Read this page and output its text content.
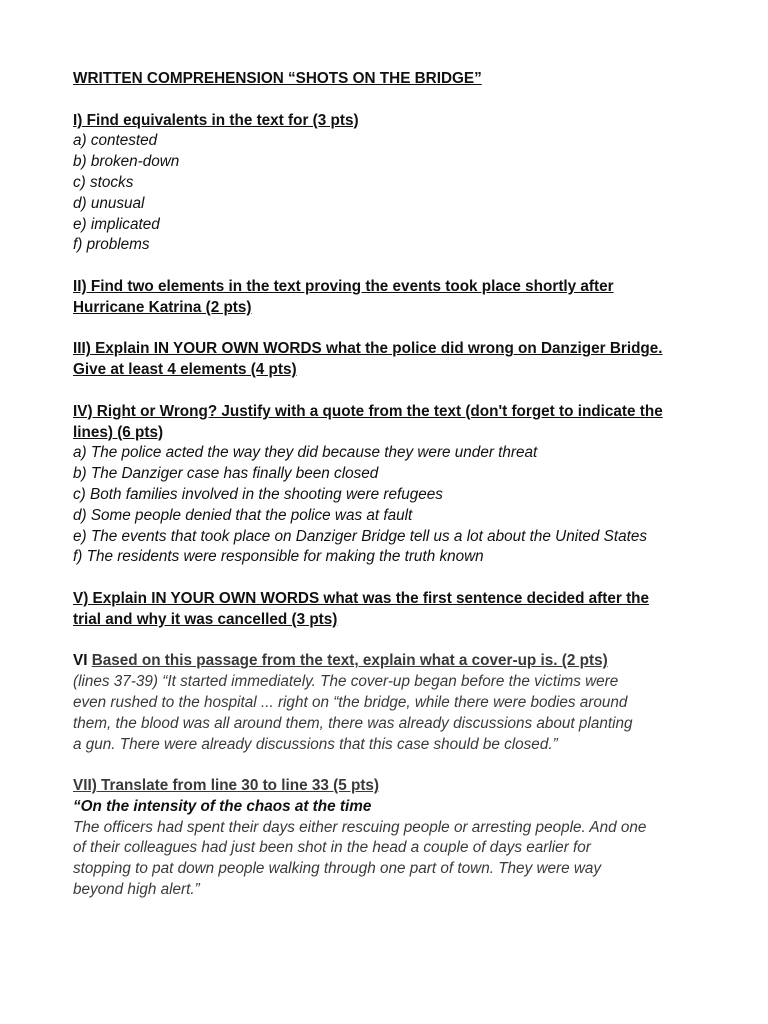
WRITTEN COMPREHENSION “SHOTS ON THE BRIDGE”
I) Find equivalents in the text for (3 pts)
a) contested
b) broken-down
c) stocks
d) unusual
e) implicated
f) problems
II) Find two elements in the text proving the events took place shortly after
Hurricane Katrina (2 pts)
III) Explain IN YOUR OWN WORDS what the police did wrong on Danziger Bridge.
Give at least 4 elements (4 pts)
IV) Right or Wrong? Justify with a quote from the text (don't forget to indicate the
lines) (6 pts)
a) The police acted the way they did because they were under threat
b) The Danziger case has finally been closed
c) Both families involved in the shooting were refugees
d) Some people denied that the police was at fault
e) The events that took place on Danziger Bridge tell us a lot about the United States
f) The residents were responsible for making the truth known
V) Explain IN YOUR OWN WORDS what was the first sentence decided after the
trial and why it was cancelled (3 pts)
VI Based on this passage from the text, explain what a cover-up is. (2 pts)
(lines 37-39) “It started immediately. The cover-up began before the victims were
even rushed to the hospital ... right on “the bridge, while there were bodies around
them, the blood was all around them, there was already discussions about planting
a gun. There were already discussions that this case should be closed.”
VII) Translate from line 30 to line 33 (5 pts)
“On the intensity of the chaos at the time
The officers had spent their days either rescuing people or arresting people. And one
of their colleagues had just been shot in the head a couple of days earlier for
stopping to pat down people walking through one part of town. They were way
beyond high alert.”
